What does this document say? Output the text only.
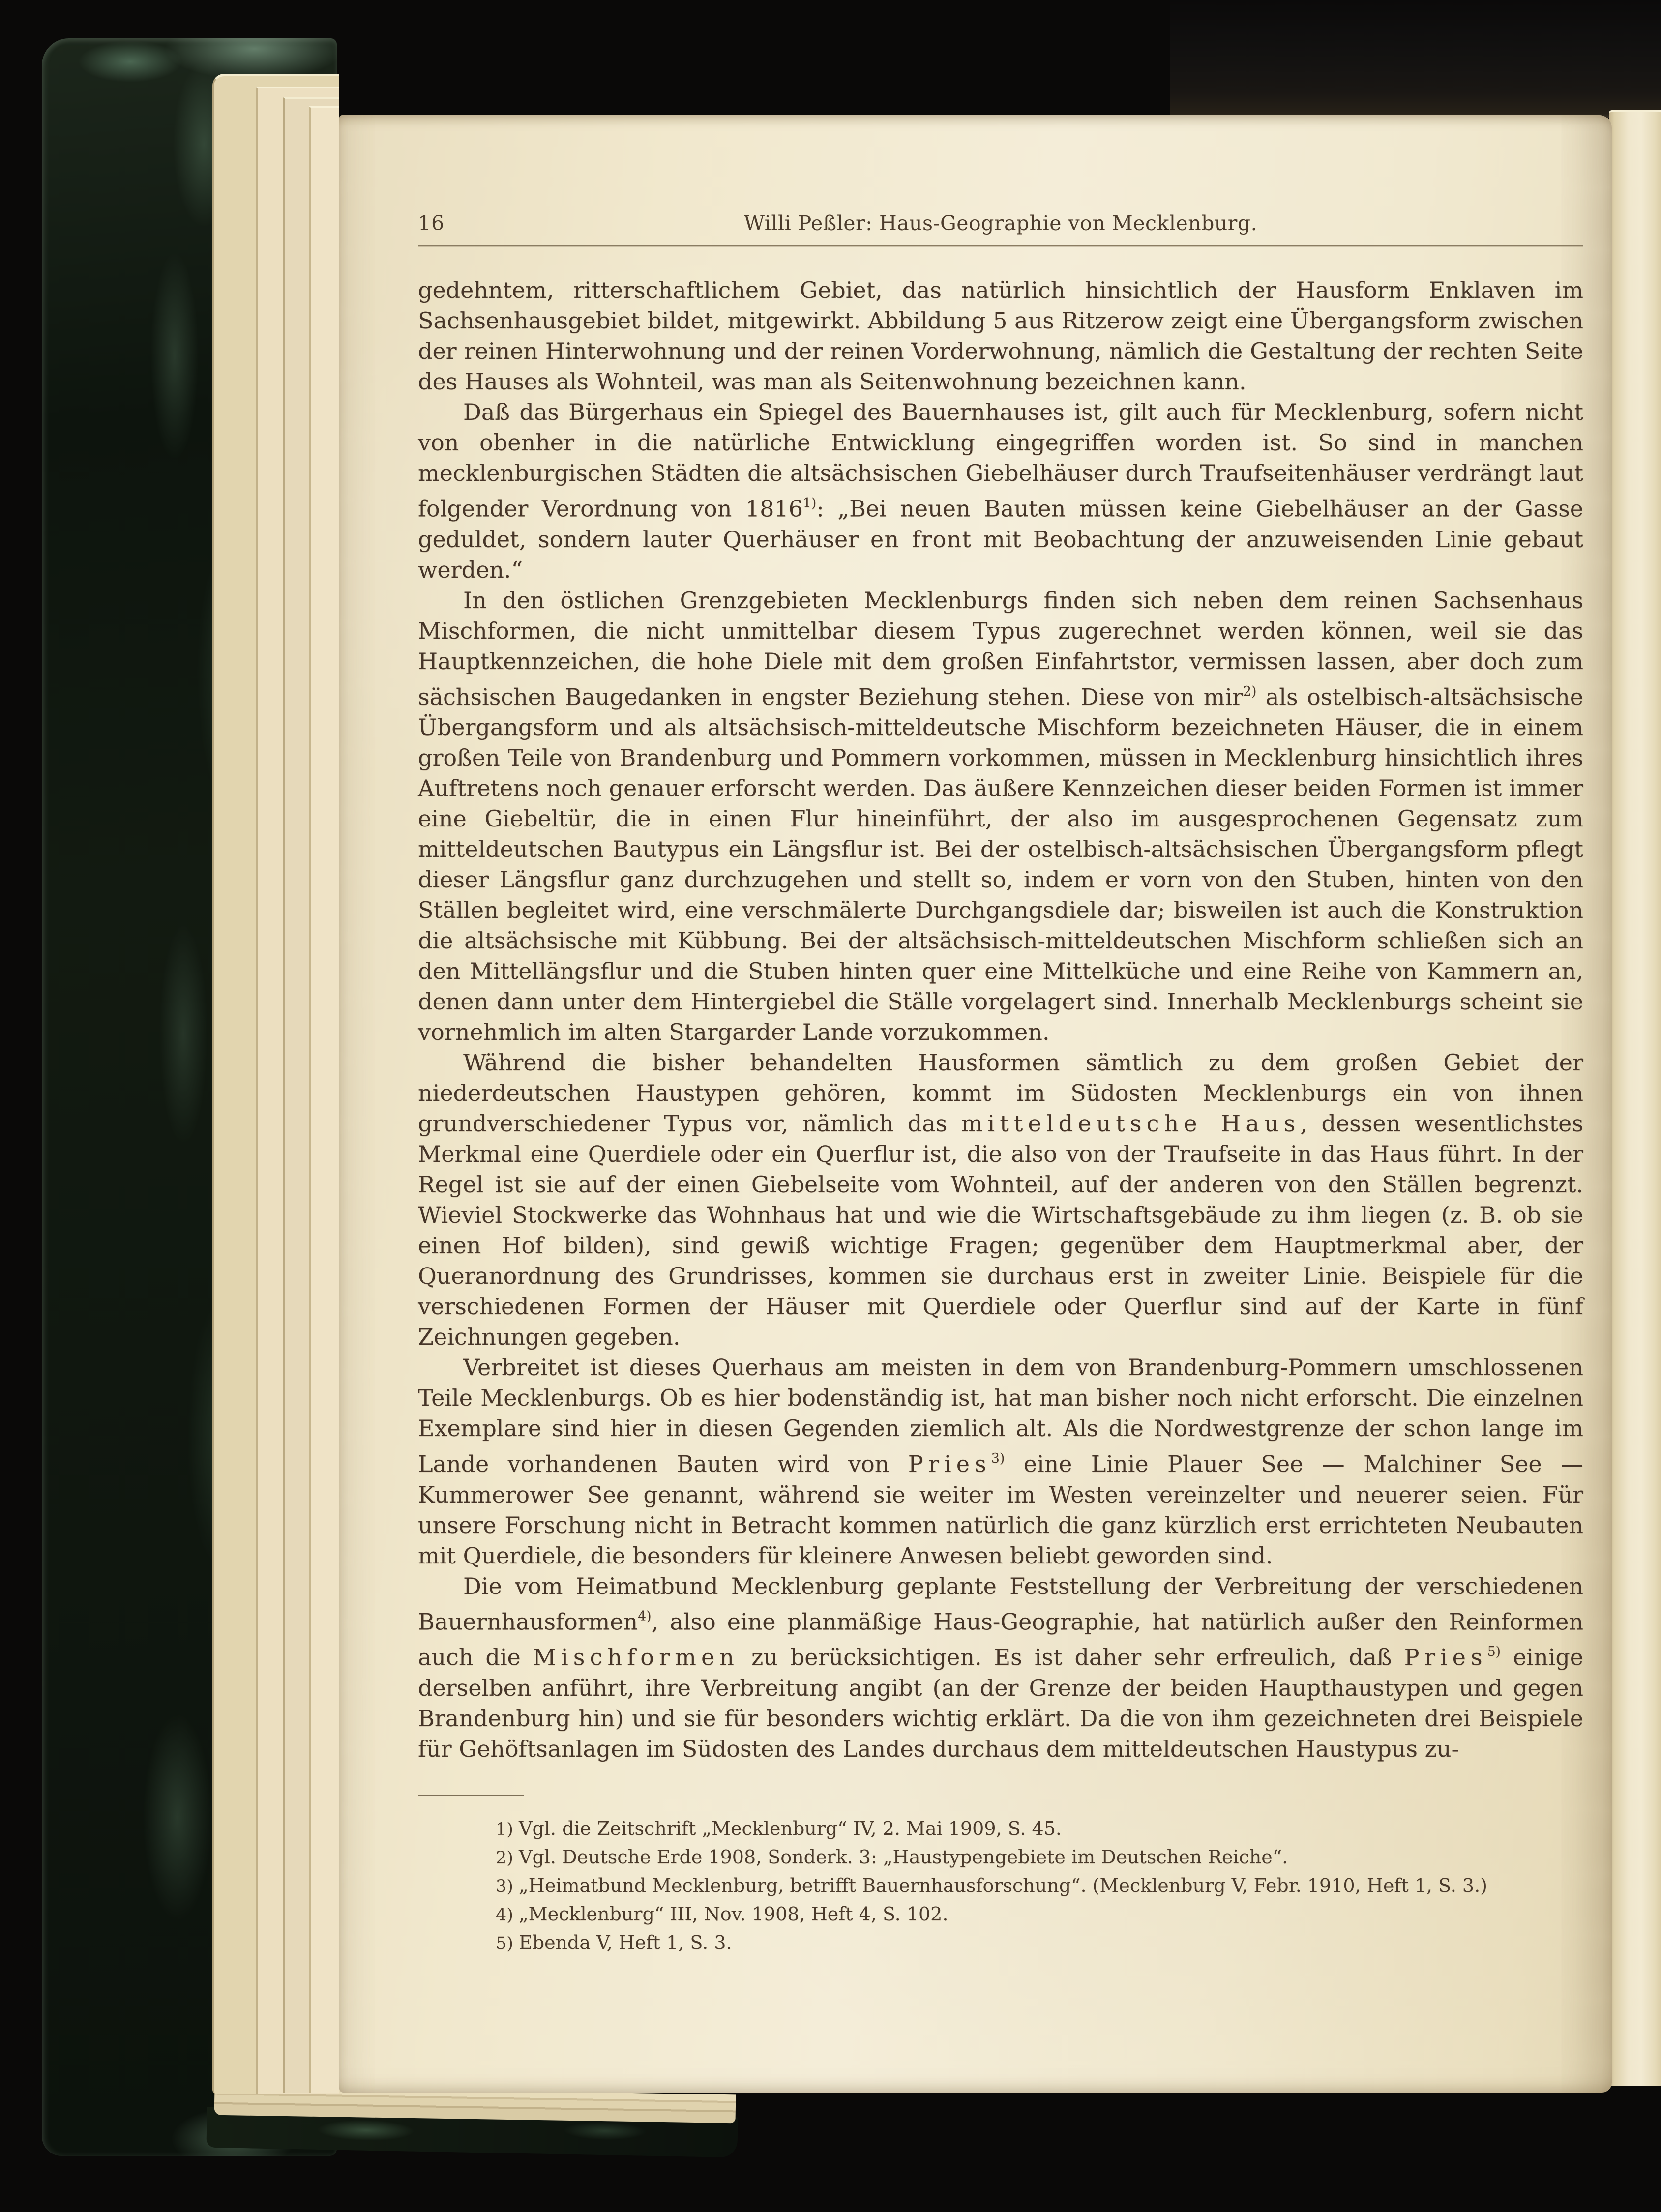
16	Willi Peßler: Haus-Geographie von Mecklenburg.

gedehntem, ritterschaftlichem Gebiet, das natürlich hinsichtlich der Hausform Enklaven im Sachsenhausgebiet bildet, mitgewirkt. Abbildung 5 aus Ritzerow zeigt eine Übergangsform zwischen der reinen Hinterwohnung und der reinen Vorderwohnung, nämlich die Gestaltung der rechten Seite des Hauses als Wohnteil, was man als Seitenwohnung bezeichnen kann.

Daß das Bürgerhaus ein Spiegel des Bauernhauses ist, gilt auch für Mecklenburg, sofern nicht von obenher in die natürliche Entwicklung eingegriffen worden ist. So sind in manchen mecklenburgischen Städten die altsächsischen Giebelhäuser durch Traufseitenhäuser verdrängt laut folgender Verordnung von 1816$^{1)}$: „Bei neuen Bauten müssen keine Giebelhäuser an der Gasse geduldet, sondern lauter Querhäuser en front mit Beobachtung der anzuweisenden Linie gebaut werden.“

In den östlichen Grenzgebieten Mecklenburgs finden sich neben dem reinen Sachsenhaus Mischformen, die nicht unmittelbar diesem Typus zugerechnet werden können, weil sie das Hauptkennzeichen, die hohe Diele mit dem großen Einfahrtstor, vermissen lassen, aber doch zum sächsischen Baugedanken in engster Beziehung stehen. Diese von mir$^{2)}$ als ostelbisch-altsächsische Übergangsform und als altsächsisch-mitteldeutsche Mischform bezeichneten Häuser, die in einem großen Teile von Brandenburg und Pommern vorkommen, müssen in Mecklenburg hinsichtlich ihres Auftretens noch genauer erforscht werden. Das äußere Kennzeichen dieser beiden Formen ist immer eine Giebeltür, die in einen Flur hineinführt, der also im ausgesprochenen Gegensatz zum mitteldeutschen Bautypus ein Längsflur ist. Bei der ostelbisch-altsächsischen Übergangsform pflegt dieser Längsflur ganz durchzugehen und stellt so, indem er vorn von den Stuben, hinten von den Ställen begleitet wird, eine verschmälerte Durchgangsdiele dar; bisweilen ist auch die Konstruktion die altsächsische mit Kübbung. Bei der altsächsisch-mitteldeutschen Mischform schließen sich an den Mittellängsflur und die Stuben hinten quer eine Mittelküche und eine Reihe von Kammern an, denen dann unter dem Hintergiebel die Ställe vorgelagert sind. Innerhalb Mecklenburgs scheint sie vornehmlich im alten Stargarder Lande vorzukommen.

Während die bisher behandelten Hausformen sämtlich zu dem großen Gebiet der niederdeutschen Haustypen gehören, kommt im Südosten Mecklenburgs ein von ihnen grundverschiedener Typus vor, nämlich das mitteldeutsche Haus, dessen wesentlichstes Merkmal eine Querdiele oder ein Querflur ist, die also von der Traufseite in das Haus führt. In der Regel ist sie auf der einen Giebelseite vom Wohnteil, auf der anderen von den Ställen begrenzt. Wieviel Stockwerke das Wohnhaus hat und wie die Wirtschaftsgebäude zu ihm liegen (z. B. ob sie einen Hof bilden), sind gewiß wichtige Fragen; gegenüber dem Hauptmerkmal aber, der Queranordnung des Grundrisses, kommen sie durchaus erst in zweiter Linie. Beispiele für die verschiedenen Formen der Häuser mit Querdiele oder Querflur sind auf der Karte in fünf Zeichnungen gegeben.

Verbreitet ist dieses Querhaus am meisten in dem von Brandenburg-Pommern umschlossenen Teile Mecklenburgs. Ob es hier bodenständig ist, hat man bisher noch nicht erforscht. Die einzelnen Exemplare sind hier in diesen Gegenden ziemlich alt. Als die Nordwestgrenze der schon lange im Lande vorhandenen Bauten wird von Pries$^{3)}$ eine Linie Plauer See — Malchiner See — Kummerower See genannt, während sie weiter im Westen vereinzelter und neuerer seien. Für unsere Forschung nicht in Betracht kommen natürlich die ganz kürzlich erst errichteten Neubauten mit Querdiele, die besonders für kleinere Anwesen beliebt geworden sind.

Die vom Heimatbund Mecklenburg geplante Feststellung der Verbreitung der verschiedenen Bauernhausformen$^{4)}$, also eine planmäßige Haus-Geographie, hat natürlich außer den Reinformen auch die Mischformen zu berücksichtigen. Es ist daher sehr erfreulich, daß Pries$^{5)}$ einige derselben anführt, ihre Verbreitung angibt (an der Grenze der beiden Haupthaustypen und gegen Brandenburg hin) und sie für besonders wichtig erklärt. Da die von ihm gezeichneten drei Beispiele für Gehöftsanlagen im Südosten des Landes durchaus dem mitteldeutschen Haustypus zu-

1) Vgl. die Zeitschrift „Mecklenburg“ IV, 2. Mai 1909, S. 45.
2) Vgl. Deutsche Erde 1908, Sonderk. 3: „Haustypengebiete im Deutschen Reiche“.
3) „Heimatbund Mecklenburg, betrifft Bauernhausforschung“. (Mecklenburg V, Febr. 1910, Heft 1, S. 3.)
4) „Mecklenburg“ III, Nov. 1908, Heft 4, S. 102.
5) Ebenda V, Heft 1, S. 3.
